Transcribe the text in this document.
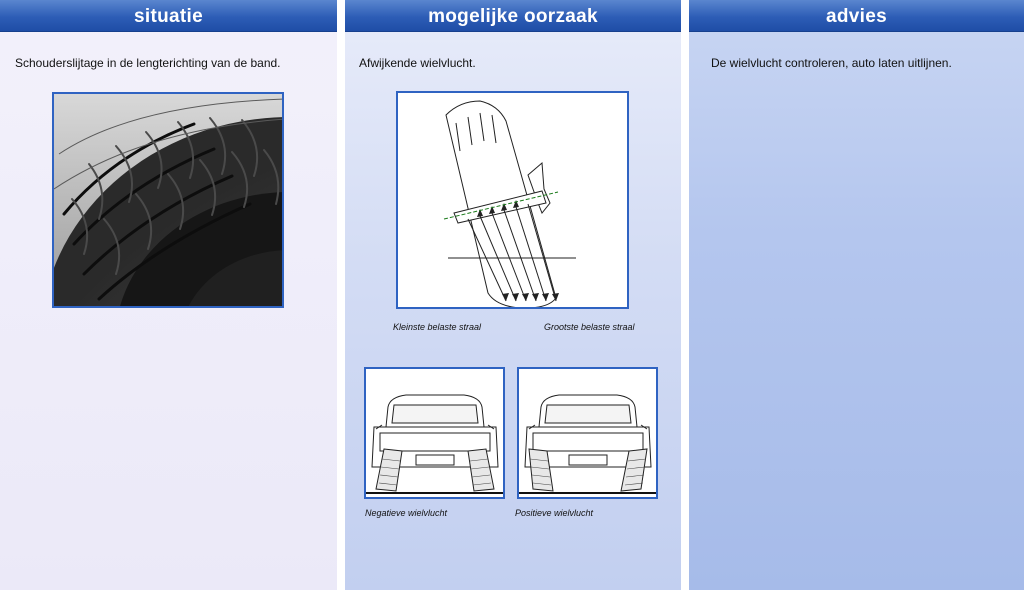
situatie

Schouderslijtage in de lengterichting van de band.

mogelijke oorzaak

Afwijkende wielvlucht.

Kleinste belaste straal	Grootste belaste straal
Negatieve wielvlucht	Positieve wielvlucht
advies

De wielvlucht controleren, auto laten uitlijnen.
